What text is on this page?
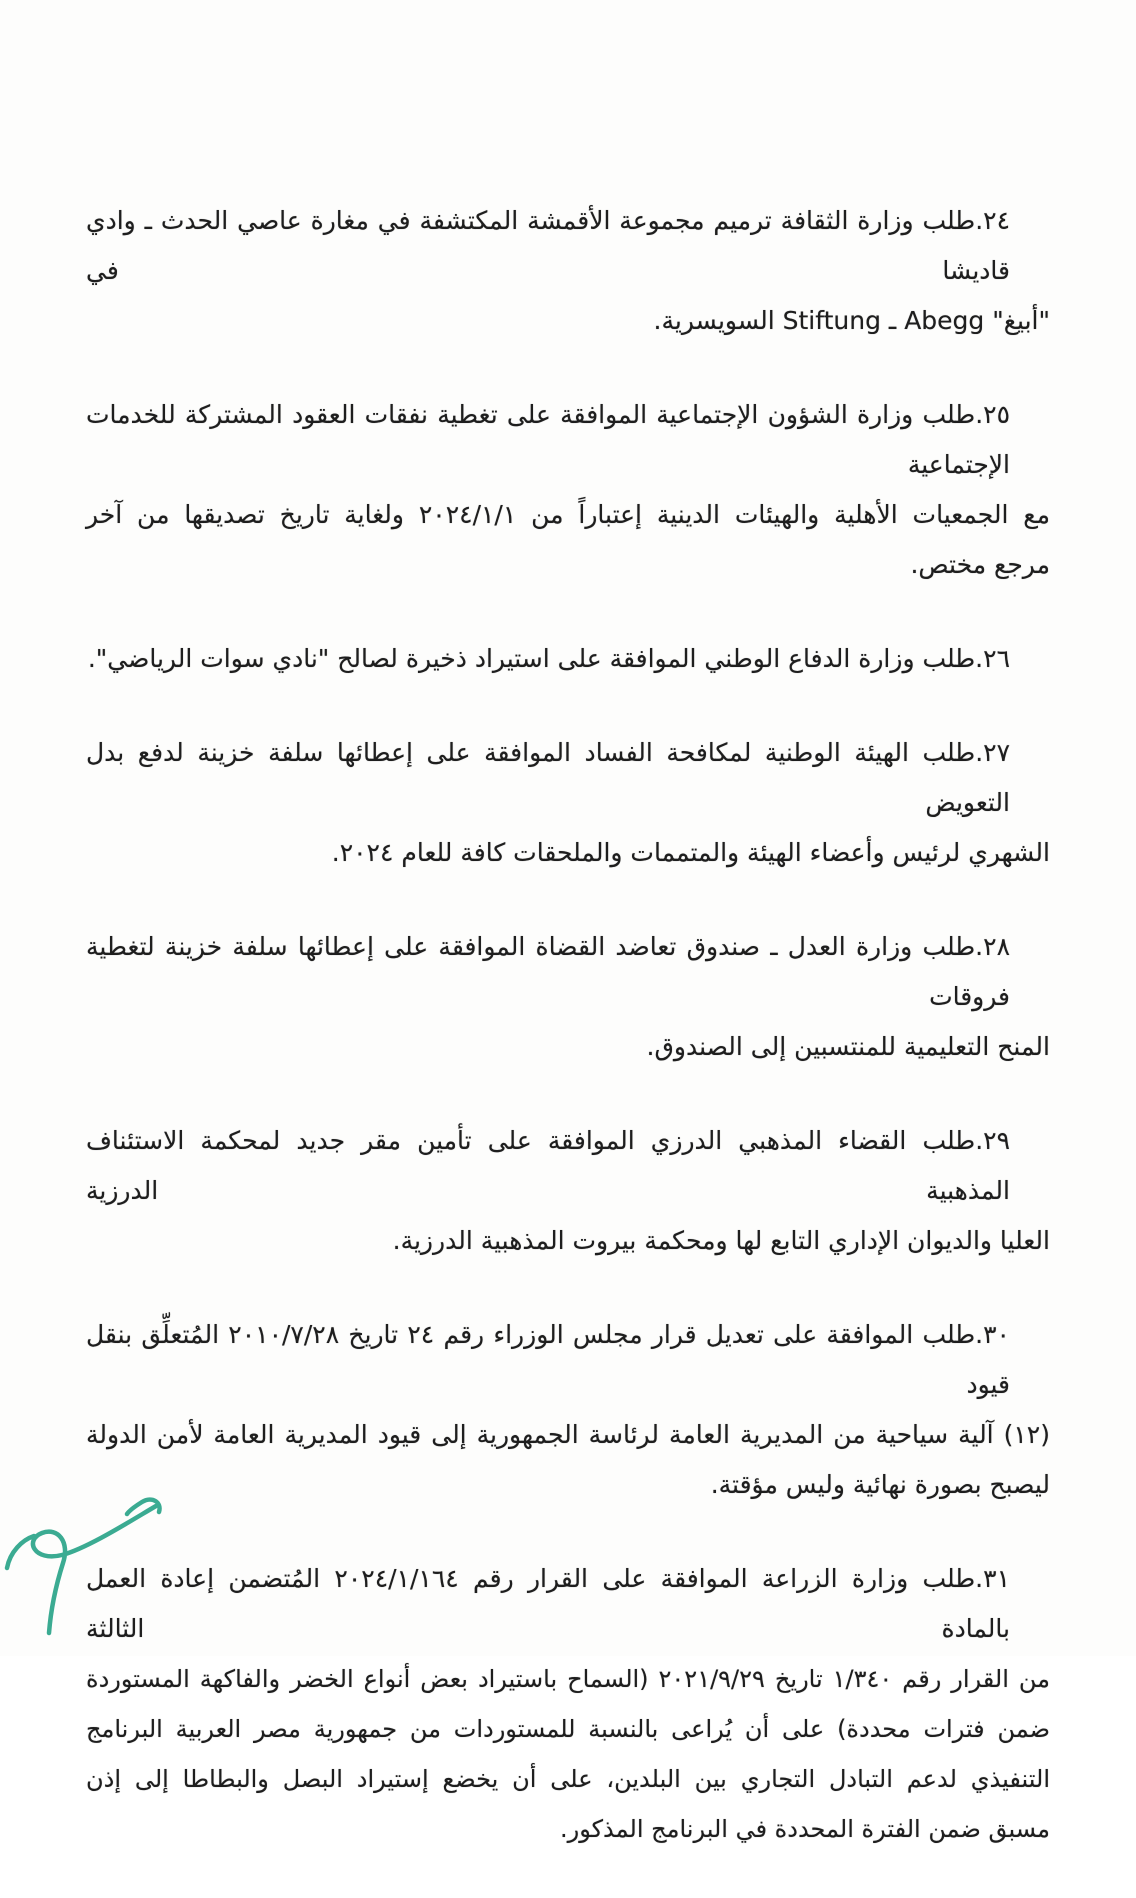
٢٤.طلب وزارة الثقافة ترميم مجموعة الأقمشة المكتشفة في مغارة عاصي الحدث ـ وادي قاديشا في
"أبيغ" Abegg ـ Stiftung السويسرية.
٢٥.طلب وزارة الشؤون الإجتماعية الموافقة على تغطية نفقات العقود المشتركة للخدمات الإجتماعية
مع الجمعيات الأهلية والهيئات الدينية إعتباراً من ٢٠٢٤/١/١ ولغاية تاريخ تصديقها من آخر
مرجع مختص.
٢٦.طلب وزارة الدفاع الوطني الموافقة على استيراد ذخيرة لصالح "نادي سوات الرياضي".
٢٧.طلب الهيئة الوطنية لمكافحة الفساد الموافقة على إعطائها سلفة خزينة لدفع بدل التعويض
الشهري لرئيس وأعضاء الهيئة والمتممات والملحقات كافة للعام ٢٠٢٤.
٢٨.طلب وزارة العدل ـ صندوق تعاضد القضاة الموافقة على إعطائها سلفة خزينة لتغطية فروقات
المنح التعليمية للمنتسبين إلى الصندوق.
٢٩.طلب القضاء المذهبي الدرزي الموافقة على تأمين مقر جديد لمحكمة الاستئناف المذهبية الدرزية
العليا والديوان الإداري التابع لها ومحكمة بيروت المذهبية الدرزية.
٣٠.طلب الموافقة على تعديل قرار مجلس الوزراء رقم ٢٤ تاريخ ٢٠١٠/٧/٢٨ المُتعلِّق بنقل قيود
(١٢) آلية سياحية من المديرية العامة لرئاسة الجمهورية إلى قيود المديرية العامة لأمن الدولة
ليصبح بصورة نهائية وليس مؤقتة.
٣١.طلب وزارة الزراعة الموافقة على القرار رقم ٢٠٢٤/١/١٦٤ المُتضمن إعادة العمل بالمادة الثالثة
من القرار رقم ١/٣٤٠ تاريخ ٢٠٢١/٩/٢٩ (السماح باستيراد بعض أنواع الخضر والفاكهة المستوردة
ضمن فترات محددة) على أن يُراعى بالنسبة للمستوردات من جمهورية مصر العربية البرنامج
التنفيذي لدعم التبادل التجاري بين البلدين، على أن يخضع إستيراد البصل والبطاطا إلى إذن
مسبق ضمن الفترة المحددة في البرنامج المذكور.
